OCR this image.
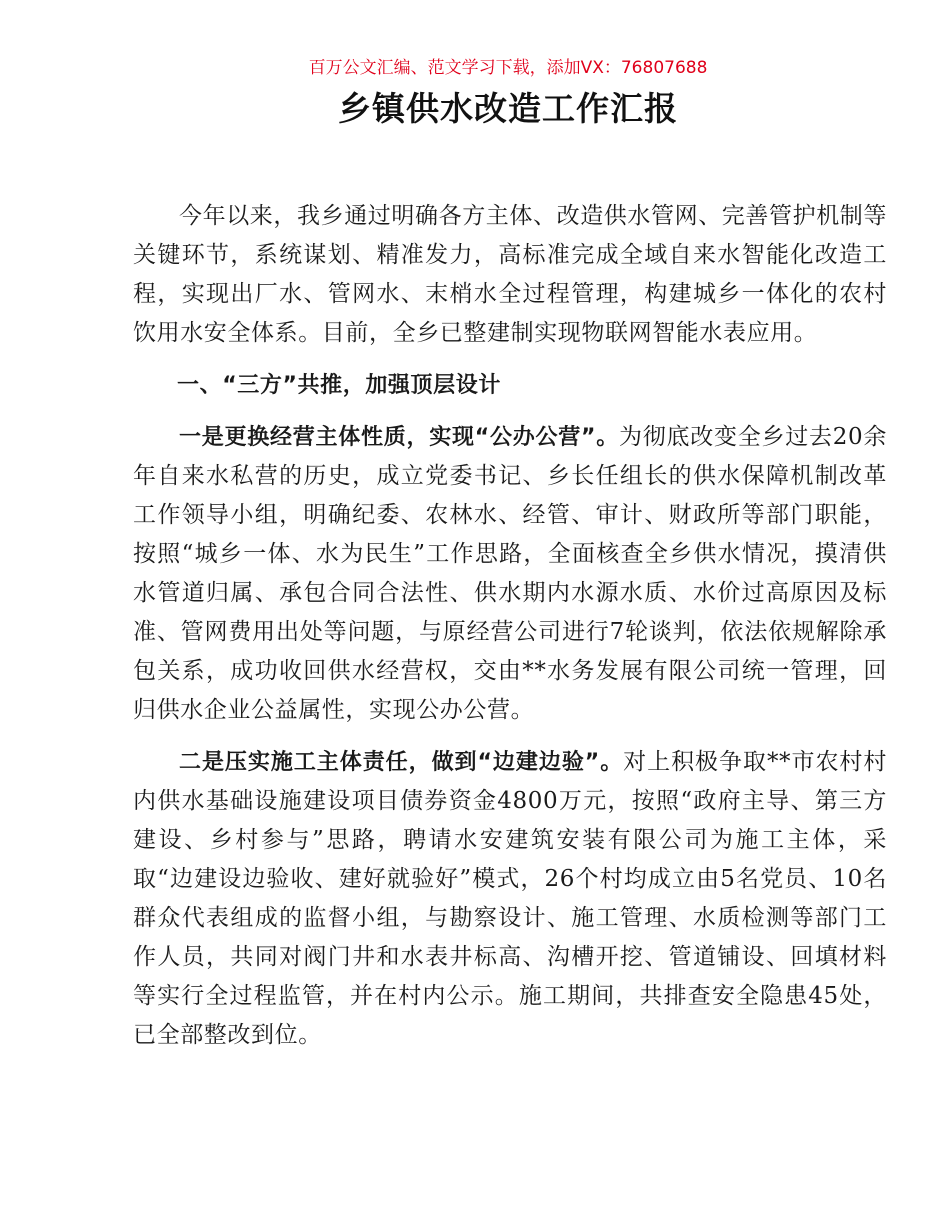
百万公文汇编、范文学习下载，添加VX：76807688
乡镇供水改造工作汇报

今年以来，我乡通过明确各方主体、改造供水管网、完善管护机制等关键环节，系统谋划、精准发力，高标准完成全域自来水智能化改造工程，实现出厂水、管网水、末梢水全过程管理，构建城乡一体化的农村饮用水安全体系。目前，全乡已整建制实现物联网智能水表应用。

一、“三方”共推，加强顶层设计

一是更换经营主体性质，实现“公办公营”。为彻底改变全乡过去20余年自来水私营的历史，成立党委书记、乡长任组长的供水保障机制改革工作领导小组，明确纪委、农林水、经管、审计、财政所等部门职能，按照“城乡一体、水为民生”工作思路，全面核查全乡供水情况，摸清供水管道归属、承包合同合法性、供水期内水源水质、水价过高原因及标准、管网费用出处等问题，与原经营公司进行7轮谈判，依法依规解除承包关系，成功收回供水经营权，交由**水务发展有限公司统一管理，回归供水企业公益属性，实现公办公营。

二是压实施工主体责任，做到“边建边验”。对上积极争取**市农村村内供水基础设施建设项目债券资金4800万元，按照“政府主导、第三方建设、乡村参与”思路，聘请水安建筑安装有限公司为施工主体，采取“边建设边验收、建好就验好”模式，26个村均成立由5名党员、10名群众代表组成的监督小组，与勘察设计、施工管理、水质检测等部门工作人员，共同对阀门井和水表井标高、沟槽开挖、管道铺设、回填材料等实行全过程监管，并在村内公示。施工期间，共排查安全隐患45处，已全部整改到位。
